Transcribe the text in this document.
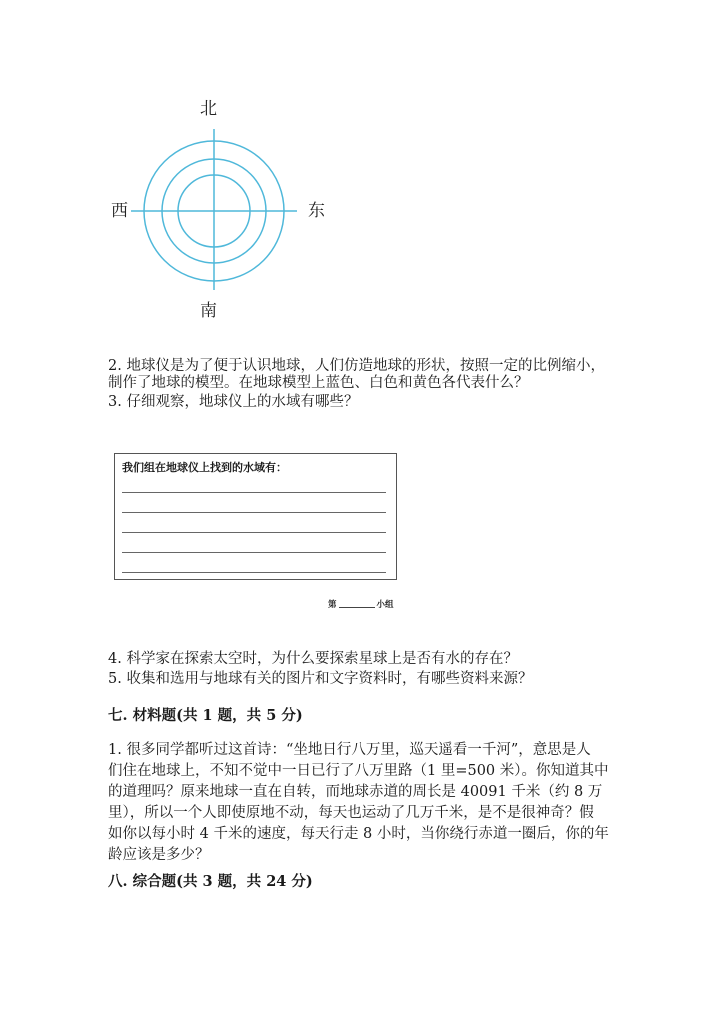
北
南
西	东
2. 地球仪是为了便于认识地球，人们仿造地球的形状，按照一定的比例缩小，
制作了地球的模型。在地球模型上蓝色、白色和黄色各代表什么？
3. 仔细观察，地球仪上的水域有哪些？
我们组在地球仪上找到的水域有：
第	小组
4. 科学家在探索太空时，为什么要探索星球上是否有水的存在？
5. 收集和选用与地球有关的图片和文字资料时，有哪些资料来源？
七. 材料题(共 1 题，共 5 分)
1. 很多同学都听过这首诗：“坐地日行八万里，巡天遥看一千河”，意思是人
们住在地球上，不知不觉中一日已行了八万里路（1 里=500 米）。你知道其中
的道理吗？原来地球一直在自转，而地球赤道的周长是 40091 千米（约 8 万
里），所以一个人即使原地不动，每天也运动了几万千米，是不是很神奇？假
如你以每小时 4 千米的速度，每天行走 8 小时，当你绕行赤道一圈后，你的年
龄应该是多少？
八. 综合题(共 3 题，共 24 分)
